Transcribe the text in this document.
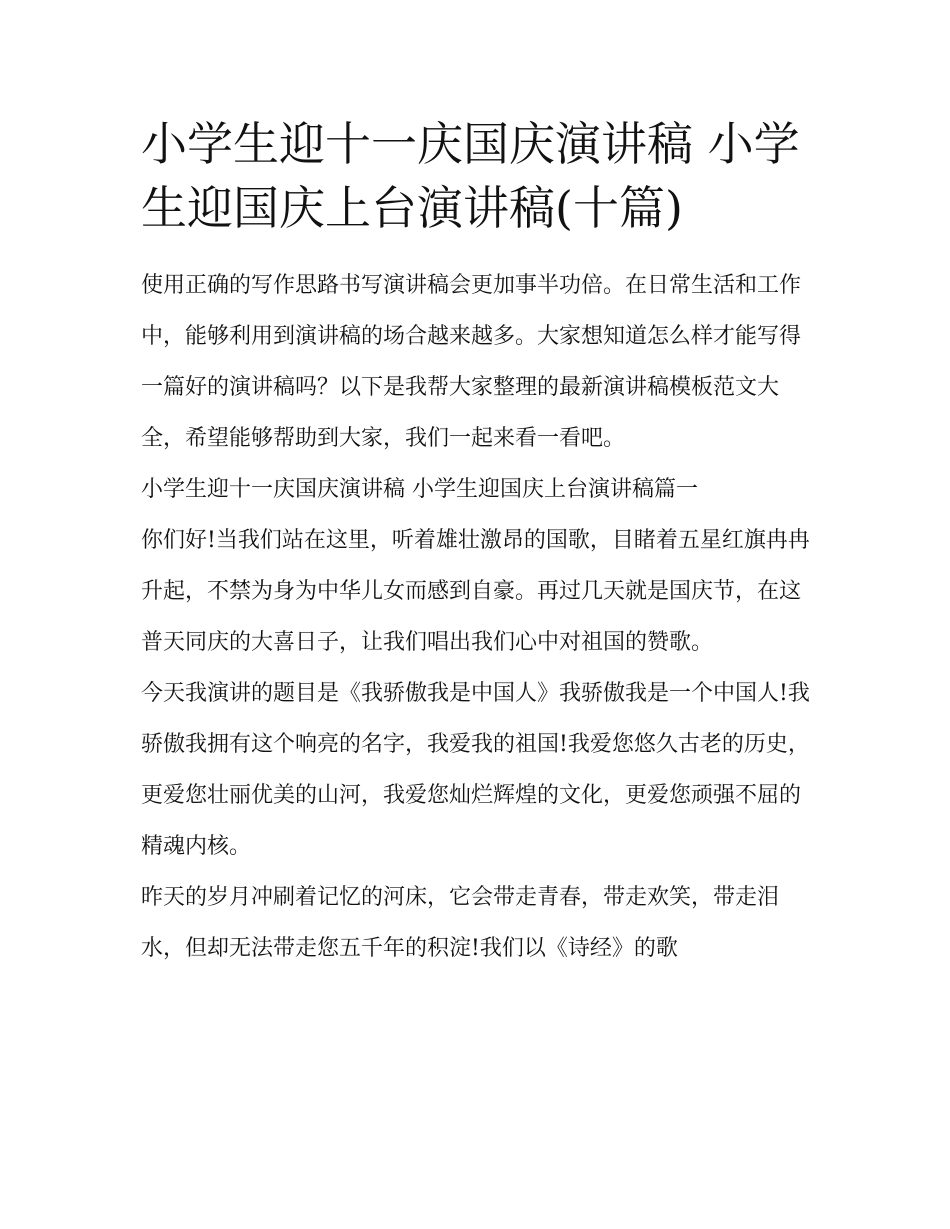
小学生迎十一庆国庆演讲稿 小学生迎国庆上台演讲稿(十篇)

使用正确的写作思路书写演讲稿会更加事半功倍。在日常生活和工作中，能够利用到演讲稿的场合越来越多。大家想知道怎么样才能写得一篇好的演讲稿吗？以下是我帮大家整理的最新演讲稿模板范文大全，希望能够帮助到大家，我们一起来看一看吧。

小学生迎十一庆国庆演讲稿 小学生迎国庆上台演讲稿篇一

你们好!当我们站在这里，听着雄壮激昂的国歌，目睹着五星红旗冉冉升起，不禁为身为中华儿女而感到自豪。再过几天就是国庆节，在这普天同庆的大喜日子，让我们唱出我们心中对祖国的赞歌。

今天我演讲的题目是《我骄傲我是中国人》我骄傲我是一个中国人!我骄傲我拥有这个响亮的名字，我爱我的祖国!我爱您悠久古老的历史，更爱您壮丽优美的山河，我爱您灿烂辉煌的文化，更爱您顽强不屈的精魂内核。

昨天的岁月冲刷着记忆的河床，它会带走青春，带走欢笑，带走泪水，但却无法带走您五千年的积淀!我们以《诗经》的歌
